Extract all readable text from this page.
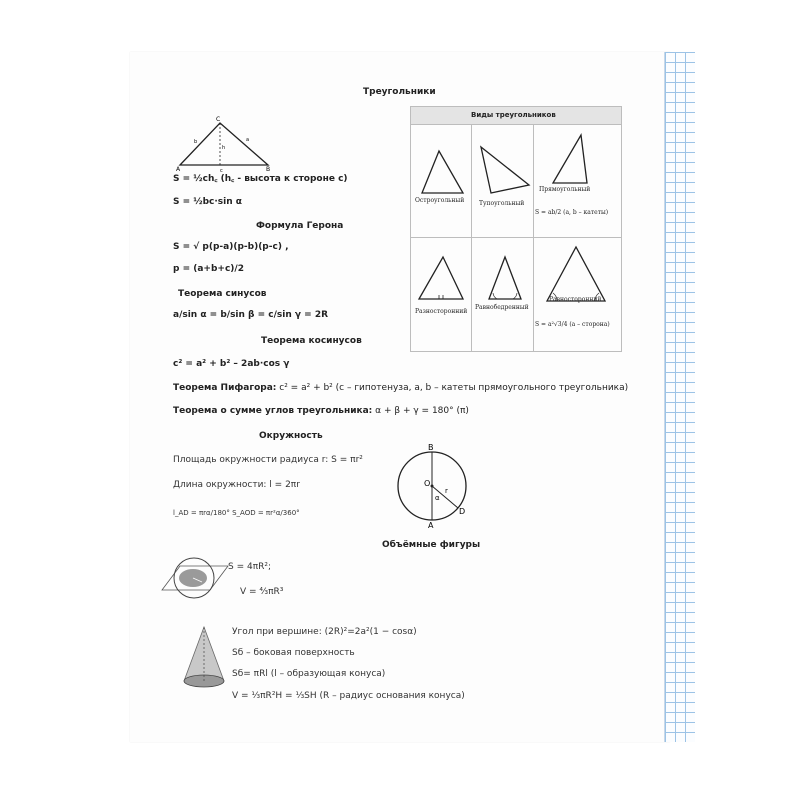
Треугольники
C
A	B
c
a
b
h
S = ½ch꜀ (h꜀ - высота к стороне c)
S = ½bc·sin α
Формула Герона
S = √ p(p-a)(p-b)(p-c) ,
p = (a+b+c)/2
Теорема синусов
a/sin α = b/sin β = c/sin γ = 2R
Теорема косинусов
c² = a² + b² – 2ab·cos γ
Теорема Пифагора: c² = a² + b² (c – гипотенуза, a, b – катеты прямоугольного треугольника)
Теорема о сумме углов треугольника: α + β + γ = 180° (π)
Виды треугольников
Остроугольный Тупоугольный
Прямоугольный
S = ab/2 (a, b – катеты)
Разносторонний
Равнобедренный
Равносторонний
S = a²√3/4 (a – сторона)
Окружность
Площадь окружности радиуса r: S = πr²
Длина окружности: l = 2πr
l_AD = πrα/180° S_AOD = πr²α/360°
B
A
O
D
r
α
Объёмные фигуры
S = 4πR²;
V = ⁴⁄₃πR³
Угол при вершине: (2R)²=2a²(1 − cosα)
Sб – боковая поверхность
Sб= πRl (l – образующая конуса)
V = ⅓πR²H = ⅓SH (R – радиус основания конуса)
